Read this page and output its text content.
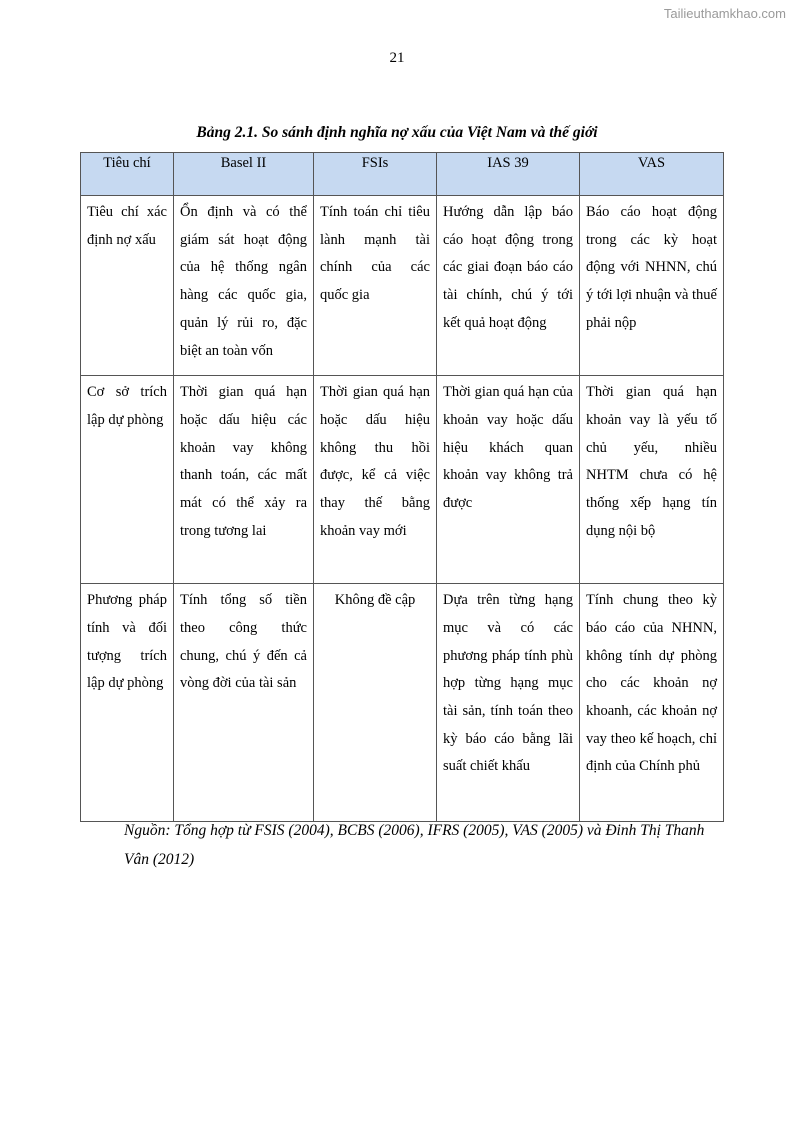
Tailieuthamkhao.com
21
Bảng 2.1. So sánh định nghĩa nợ xấu của Việt Nam và thế giới
Tiêu chí	Basel II	FSIs	IAS 39	VAS
Tiêu chí xác định nợ xấu	Ổn định và có thể giám sát hoạt động của hệ thống ngân hàng các quốc gia, quản lý rủi ro, đặc biệt an toàn vốn	Tính toán chỉ tiêu lành mạnh tài chính của các quốc gia	Hướng dẫn lập báo cáo hoạt động trong các giai đoạn báo cáo tài chính, chú ý tới kết quả hoạt động	Báo cáo hoạt động trong các kỳ hoạt động với NHNN, chú ý tới lợi nhuận và thuế phải nộp
Cơ sở trích lập dự phòng	Thời gian quá hạn hoặc dấu hiệu các khoản vay không thanh toán, các mất mát có thể xảy ra trong tương lai	Thời gian quá hạn hoặc dấu hiệu không thu hồi được, kể cả việc thay thế bằng khoản vay mới	Thời gian quá hạn của khoản vay hoặc dấu hiệu khách quan khoản vay không trả được	Thời gian quá hạn khoản vay là yếu tố chủ yếu, nhiều NHTM chưa có hệ thống xếp hạng tín dụng nội bộ
Phương pháp tính và đối tượng trích lập dự phòng	Tính tổng số tiền theo công thức chung, chú ý đến cả vòng đời của tài sản	Không đề cập	Dựa trên từng hạng mục và có các phương pháp tính phù hợp từng hạng mục tài sản, tính toán theo kỳ báo cáo bằng lãi suất chiết khấu	Tính chung theo kỳ báo cáo của NHNN, không tính dự phòng cho các khoản nợ khoanh, các khoản nợ vay theo kế hoạch, chỉ định của Chính phủ
Nguồn: Tổng hợp từ FSIS (2004), BCBS (2006), IFRS (2005), VAS (2005) và Đinh Thị Thanh Vân (2012)
